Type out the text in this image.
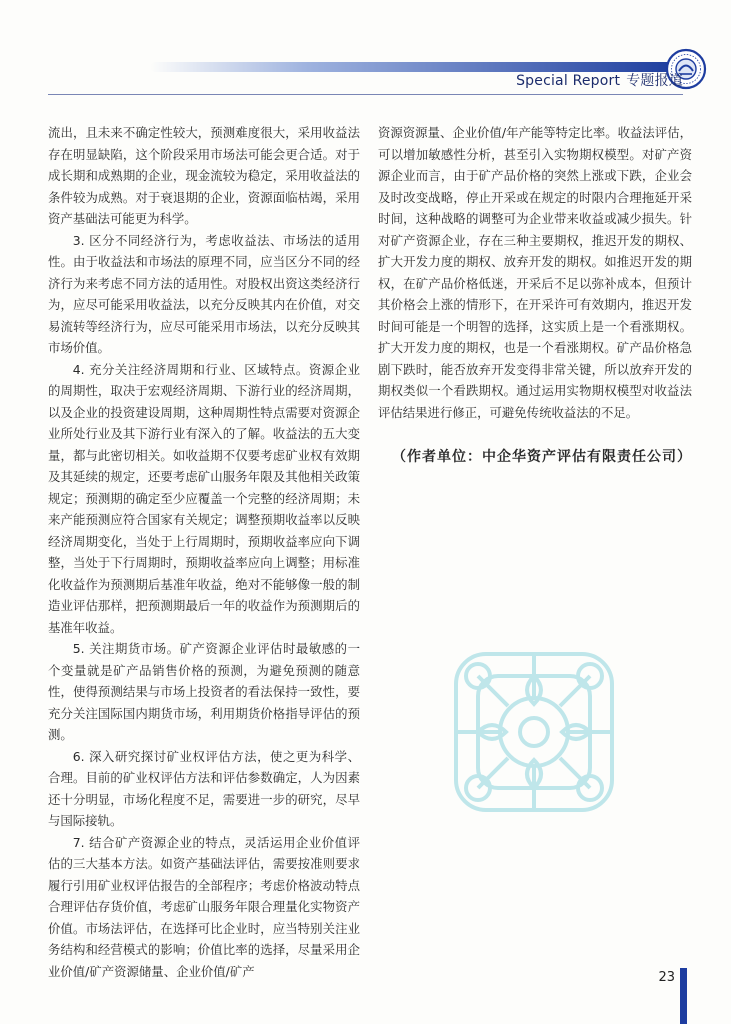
Special Report 专题报道

流出，且未来不确定性较大，预测难度很大，采用收益法存在明显缺陷，这个阶段采用市场法可能会更合适。对于成长期和成熟期的企业，现金流较为稳定，采用收益法的条件较为成熟。对于衰退期的企业，资源面临枯竭，采用资产基础法可能更为科学。

3. 区分不同经济行为，考虑收益法、市场法的适用性。由于收益法和市场法的原理不同，应当区分不同的经济行为来考虑不同方法的适用性。对股权出资这类经济行为，应尽可能采用收益法，以充分反映其内在价值，对交易流转等经济行为，应尽可能采用市场法，以充分反映其市场价值。

4. 充分关注经济周期和行业、区域特点。资源企业的周期性，取决于宏观经济周期、下游行业的经济周期，以及企业的投资建设周期，这种周期性特点需要对资源企业所处行业及其下游行业有深入的了解。收益法的五大变量，都与此密切相关。如收益期不仅要考虑矿业权有效期及其延续的规定，还要考虑矿山服务年限及其他相关政策规定；预测期的确定至少应覆盖一个完整的经济周期；未来产能预测应符合国家有关规定；调整预期收益率以反映经济周期变化，当处于上行周期时，预期收益率应向下调整，当处于下行周期时，预期收益率应向上调整；用标准化收益作为预测期后基准年收益，绝对不能够像一般的制造业评估那样，把预测期最后一年的收益作为预测期后的基准年收益。

5. 关注期货市场。矿产资源企业评估时最敏感的一个变量就是矿产品销售价格的预测，为避免预测的随意性，使得预测结果与市场上投资者的看法保持一致性，要充分关注国际国内期货市场，利用期货价格指导评估的预测。

6. 深入研究探讨矿业权评估方法，使之更为科学、合理。目前的矿业权评估方法和评估参数确定，人为因素还十分明显，市场化程度不足，需要进一步的研究，尽早与国际接轨。

7. 结合矿产资源企业的特点，灵活运用企业价值评估的三大基本方法。如资产基础法评估，需要按准则要求履行引用矿业权评估报告的全部程序；考虑价格波动特点合理评估存货价值，考虑矿山服务年限合理量化实物资产价值。市场法评估，在选择可比企业时，应当特别关注业务结构和经营模式的影响；价值比率的选择，尽量采用企业价值/矿产资源储量、企业价值/矿产

资源资源量、企业价值/年产能等特定比率。收益法评估，可以增加敏感性分析，甚至引入实物期权模型。对矿产资源企业而言，由于矿产品价格的突然上涨或下跌，企业会及时改变战略，停止开采或在规定的时限内合理拖延开采时间，这种战略的调整可为企业带来收益或减少损失。针对矿产资源企业，存在三种主要期权，推迟开发的期权、扩大开发力度的期权、放弃开发的期权。如推迟开发的期权，在矿产品价格低迷，开采后不足以弥补成本，但预计其价格会上涨的情形下，在开采许可有效期内，推迟开发时间可能是一个明智的选择，这实质上是一个看涨期权。扩大开发力度的期权，也是一个看涨期权。矿产品价格急剧下跌时，能否放弃开发变得非常关键，所以放弃开发的期权类似一个看跌期权。通过运用实物期权模型对收益法评估结果进行修正，可避免传统收益法的不足。

（作者单位：中企华资产评估有限责任公司）

23
